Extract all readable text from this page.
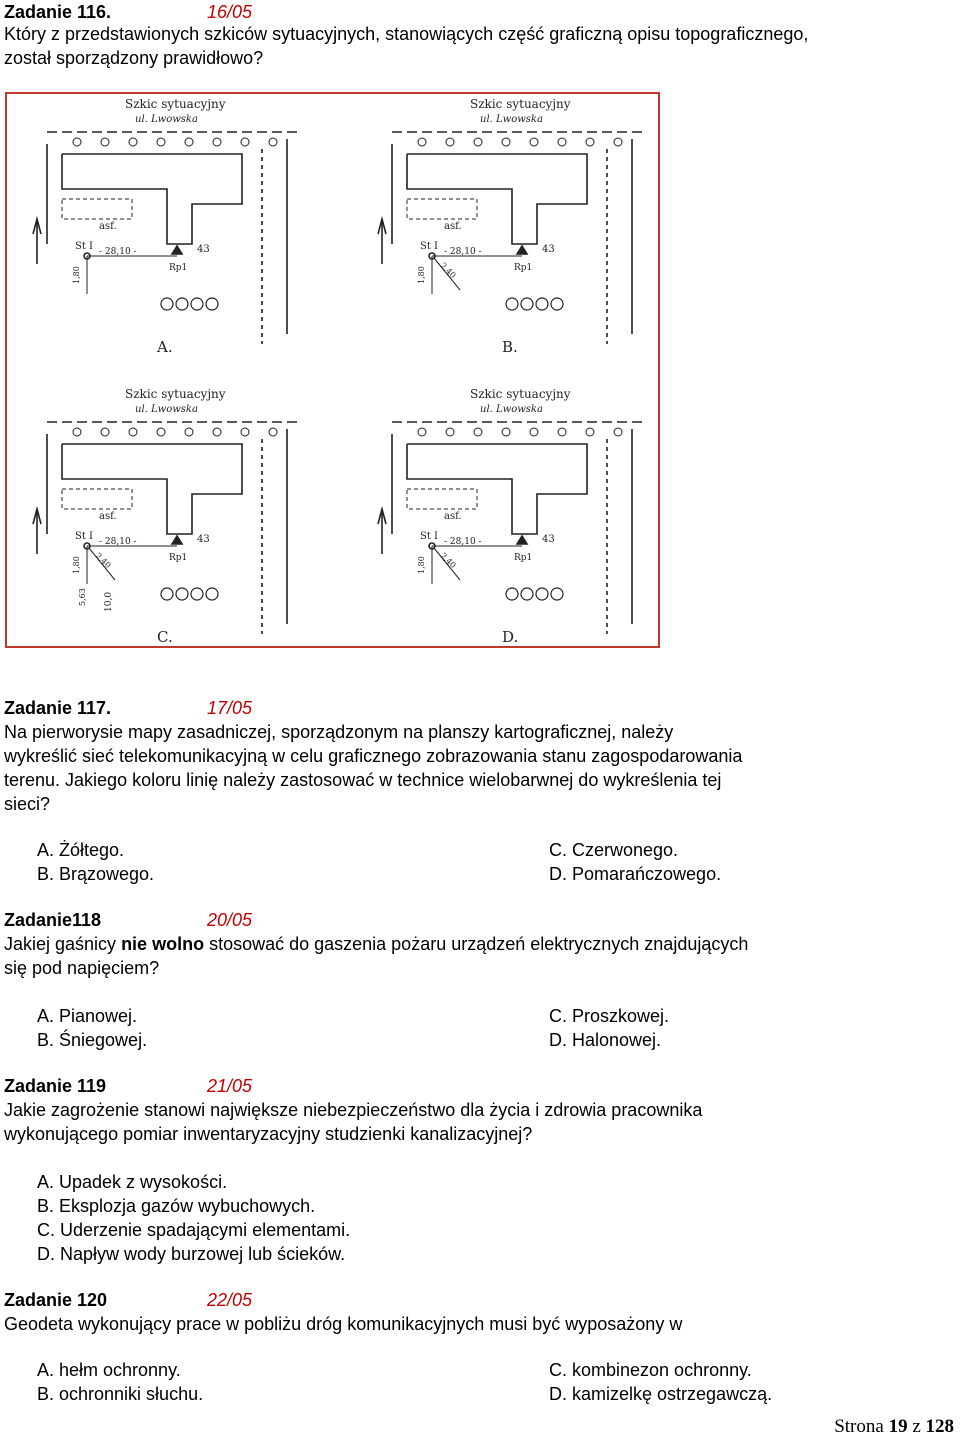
Zadanie 116.	16/05
Który z przedstawionych szkiców sytuacyjnych, stanowiących część graficzną opisu topograficznego,
został sporządzony prawidłowo?
Szkic sytuacyjny
ul. Lwowska
asf.
St I - 28,10 -	43
Rp1
1,80
A.
Szkic sytuacyjny
ul. Lwowska
asf.
St I - 28,10 -	43
Rp1
1,80 2,40
B.
Szkic sytuacyjny
ul. Lwowska
asf.
St I - 28,10 -	43
Rp1
1,80 2,40
5,63 10,0
C.
Szkic sytuacyjny
ul. Lwowska
asf.
St I - 28,10 -	43
Rp1
1,80 2,40
D.
Zadanie 117.	17/05
Na pierworysie mapy zasadniczej, sporządzonym na planszy kartograficznej, należy
wykreślić sieć telekomunikacyjną w celu graficznego zobrazowania stanu zagospodarowania
terenu. Jakiego koloru linię należy zastosować w technice wielobarwnej do wykreślenia tej
sieci?
A. Żółtego.
B. Brązowego.
C. Czerwonego.
D. Pomarańczowego.
Zadanie118	20/05
Jakiej gaśnicy nie wolno stosować do gaszenia pożaru urządzeń elektrycznych znajdujących
się pod napięciem?
A. Pianowej.
B. Śniegowej.
C. Proszkowej.
D. Halonowej.
Zadanie 119	21/05
Jakie zagrożenie stanowi największe niebezpieczeństwo dla życia i zdrowia pracownika
wykonującego pomiar inwentaryzacyjny studzienki kanalizacyjnej?
A. Upadek z wysokości.
B. Eksplozja gazów wybuchowych.
C. Uderzenie spadającymi elementami.
D. Napływ wody burzowej lub ścieków.
Zadanie 120	22/05
Geodeta wykonujący prace w pobliżu dróg komunikacyjnych musi być wyposażony w
A. hełm ochronny.
B. ochronniki słuchu.
C. kombinezon ochronny.
D. kamizelkę ostrzegawczą.
Strona 19 z 128
